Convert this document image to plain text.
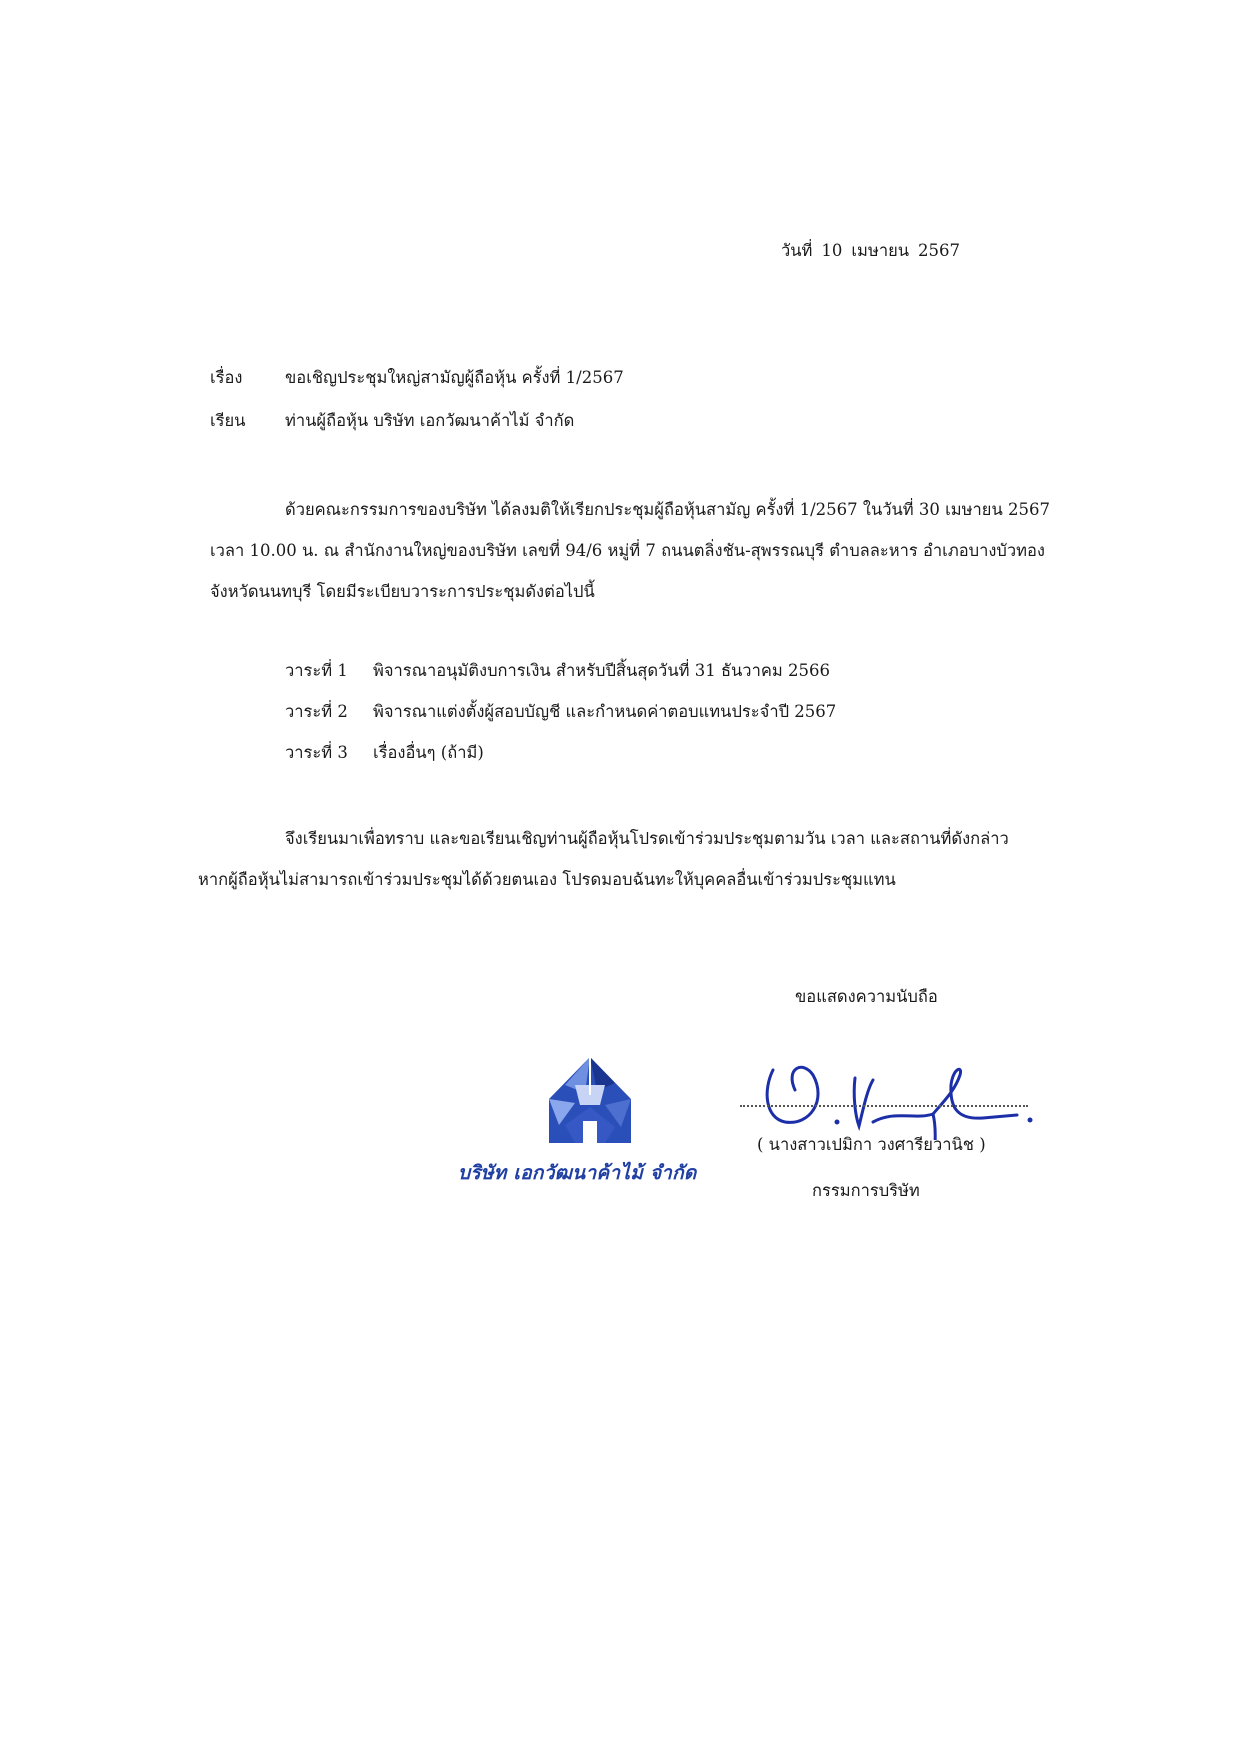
วันที่ 10 เมษายน 2567
เรื่อง	ขอเชิญประชุมใหญ่สามัญผู้ถือหุ้น ครั้งที่ 1/2567
เรียน ท่านผู้ถือหุ้น บริษัท เอกวัฒนาค้าไม้ จำกัด
ด้วยคณะกรรมการของบริษัท ได้ลงมติให้เรียกประชุมผู้ถือหุ้นสามัญ ครั้งที่ 1/2567 ในวันที่ 30 เมษายน 2567
เวลา 10.00 น. ณ สำนักงานใหญ่ของบริษัท เลขที่ 94/6 หมู่ที่ 7 ถนนตลิ่งชัน-สุพรรณบุรี ตำบลละหาร อำเภอบางบัวทอง
จังหวัดนนทบุรี โดยมีระเบียบวาระการประชุมดังต่อไปนี้
วาระที่ 1 พิจารณาอนุมัติงบการเงิน สำหรับปีสิ้นสุดวันที่ 31 ธันวาคม 2566
วาระที่ 2 พิจารณาแต่งตั้งผู้สอบบัญชี และกำหนดค่าตอบแทนประจำปี 2567
วาระที่ 3 เรื่องอื่นๆ (ถ้ามี)
จึงเรียนมาเพื่อทราบ และขอเรียนเชิญท่านผู้ถือหุ้นโปรดเข้าร่วมประชุมตามวัน เวลา และสถานที่ดังกล่าว
หากผู้ถือหุ้นไม่สามารถเข้าร่วมประชุมได้ด้วยตนเอง โปรดมอบฉันทะให้บุคคลอื่นเข้าร่วมประชุมแทน
ขอแสดงความนับถือ
( นางสาวเปมิกา วงศารียวานิช )
กรรมการบริษัท
บริษัท เอกวัฒนาค้าไม้ จำกัด
